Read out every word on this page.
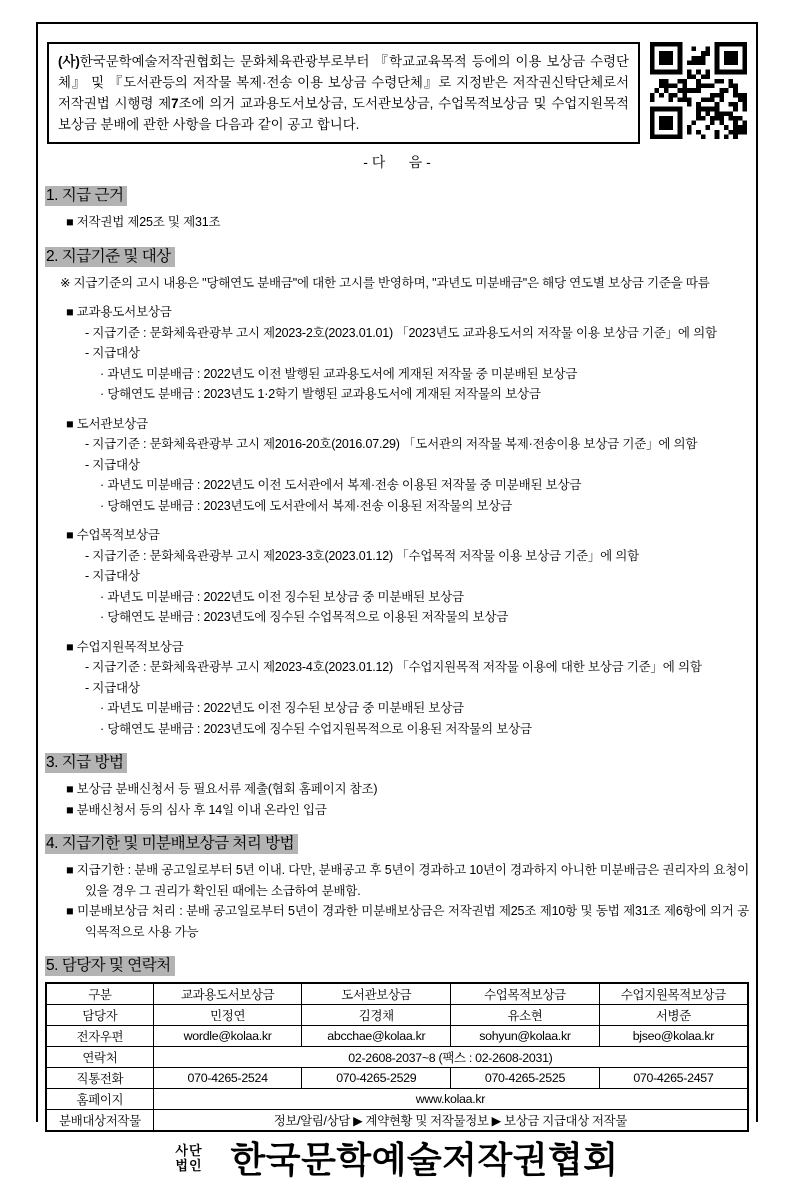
(사)한국문학예술저작권협회는 문화체육관광부로부터 『학교교육목적 등에의 이용 보상금 수령단체』 및 『도서관등의 저작물 복제·전송 이용 보상금 수령단체』로 지정받은 저작권신탁단체로서 저작권법 시행령 제7조에 의거 교과용도서보상금, 도서관보상금, 수업목적보상금 및 수업지원목적보상금 분배에 관한 사항을 다음과 같이 공고 합니다.
- 다      음 -
1. 지급 근거
■ 저작권법 제25조 및 제31조
2. 지급기준 및 대상
※ 지급기준의 고시 내용은 "당해연도 분배금"에 대한 고시를 반영하며, "과년도 미분배금"은 해당 연도별 보상금 기준을 따름
■ 교과용도서보상금
- 지급기준 : 문화체육관광부 고시 제2023-2호(2023.01.01) 「2023년도 교과용도서의 저작물 이용 보상금 기준」에 의함
- 지급대상
· 과년도 미분배금 : 2022년도 이전 발행된 교과용도서에 게재된 저작물 중 미분배된 보상금
· 당해연도 분배금 : 2023년도 1·2학기 발행된 교과용도서에 게재된 저작물의 보상금
■ 도서관보상금
- 지급기준 : 문화체육관광부 고시 제2016-20호(2016.07.29) 「도서관의 저작물 복제·전송이용 보상금 기준」에 의함
- 지급대상
· 과년도 미분배금 : 2022년도 이전 도서관에서 복제·전송 이용된 저작물 중 미분배된 보상금
· 당해연도 분배금 : 2023년도에 도서관에서 복제·전송 이용된 저작물의 보상금
■ 수업목적보상금
- 지급기준 : 문화체육관광부 고시 제2023-3호(2023.01.12) 「수업목적 저작물 이용 보상금 기준」에 의함
- 지급대상
· 과년도 미분배금 : 2022년도 이전 징수된 보상금 중 미분배된 보상금
· 당해연도 분배금 : 2023년도에 징수된 수업목적으로 이용된 저작물의 보상금
■ 수업지원목적보상금
- 지급기준 : 문화체육관광부 고시 제2023-4호(2023.01.12) 「수업지원목적 저작물 이용에 대한 보상금 기준」에 의함
- 지급대상
· 과년도 미분배금 : 2022년도 이전 징수된 보상금 중 미분배된 보상금
· 당해연도 분배금 : 2023년도에 징수된 수업지원목적으로 이용된 저작물의 보상금
3. 지급 방법
■ 보상금 분배신청서 등 필요서류 제출(협회 홈페이지 참조)
■ 분배신청서 등의 심사 후 14일 이내 온라인 입금
4. 지급기한 및 미분배보상금 처리 방법
■ 지급기한 : 분배 공고일로부터 5년 이내. 다만, 분배공고 후 5년이 경과하고 10년이 경과하지 아니한 미분배금은 권리자의 요청이 있을 경우 그 권리가 확인된 때에는 소급하여 분배함.
■ 미분배보상금 처리 : 분배 공고일로부터 5년이 경과한 미분배보상금은 저작권법 제25조 제10항 및 동법 제31조 제6항에 의거 공익목적으로 사용 가능
5. 담당자 및 연락처
구분	교과용도서보상금	도서관보상금	수업목적보상금	수업지원목적보상금
담당자	민정연	김경채	유소현	서병준
전자우편	wordle@kolaa.kr	abcchae@kolaa.kr	sohyun@kolaa.kr	bjseo@kolaa.kr
연락처	02-2608-2037~8 (팩스 : 02-2608-2031)			
직통전화	070-4265-2524	070-4265-2529	070-4265-2525	070-4265-2457
홈페이지	www.kolaa.kr			
분배대상저작물	정보/알림/상담 ▶ 계약현황 및 저작물정보 ▶ 보상금 지급대상 저작물			
사단
법인 한국문학예술저작권협회
